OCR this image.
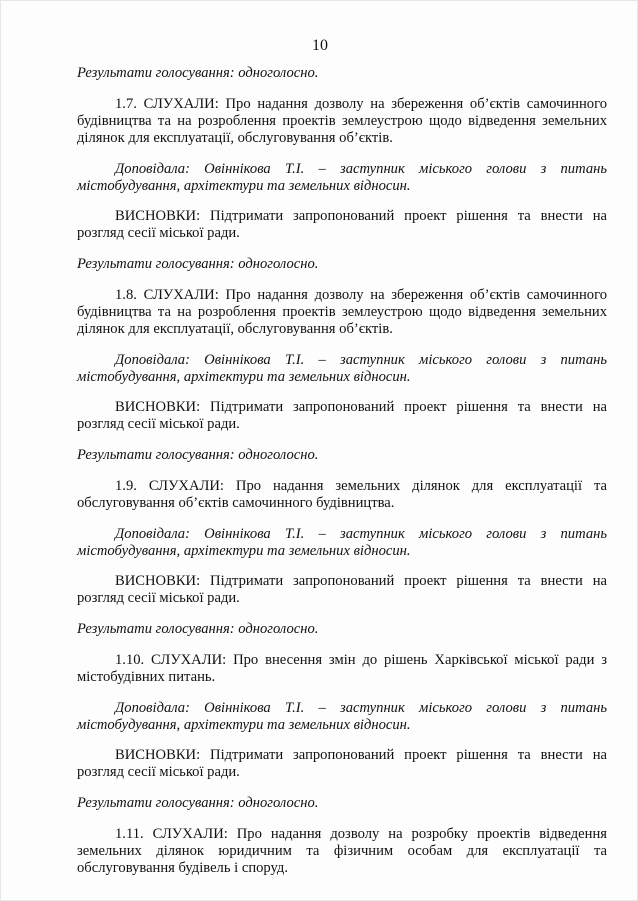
10

Результати голосування: одноголосно.

1.7. СЛУХАЛИ: Про надання дозволу на збереження об’єктів самочинного будівництва та на розроблення проектів землеустрою щодо відведення земельних ділянок для експлуатації, обслуговування об’єктів.

Доповідала: Овіннікова Т.І. – заступник міського голови з питань містобудування, архітектури та земельних відносин.

ВИСНОВКИ: Підтримати запропонований проект рішення та внести на розгляд сесії міської ради.

Результати голосування: одноголосно.

1.8. СЛУХАЛИ: Про надання дозволу на збереження об’єктів самочинного будівництва та на розроблення проектів землеустрою щодо відведення земельних ділянок для експлуатації, обслуговування об’єктів.

Доповідала: Овіннікова Т.І. – заступник міського голови з питань містобудування, архітектури та земельних відносин.

ВИСНОВКИ: Підтримати запропонований проект рішення та внести на розгляд сесії міської ради.

Результати голосування: одноголосно.

1.9. СЛУХАЛИ: Про надання земельних ділянок для експлуатації та обслуговування об’єктів самочинного будівництва.

Доповідала: Овіннікова Т.І. – заступник міського голови з питань містобудування, архітектури та земельних відносин.

ВИСНОВКИ: Підтримати запропонований проект рішення та внести на розгляд сесії міської ради.

Результати голосування: одноголосно.

1.10. СЛУХАЛИ: Про внесення змін до рішень Харківської міської ради з містобудівних питань.

Доповідала: Овіннікова Т.І. – заступник міського голови з питань містобудування, архітектури та земельних відносин.

ВИСНОВКИ: Підтримати запропонований проект рішення та внести на розгляд сесії міської ради.

Результати голосування: одноголосно.

1.11. СЛУХАЛИ: Про надання дозволу на розробку проектів відведення земельних ділянок юридичним та фізичним особам для експлуатації та обслуговування будівель і споруд.
